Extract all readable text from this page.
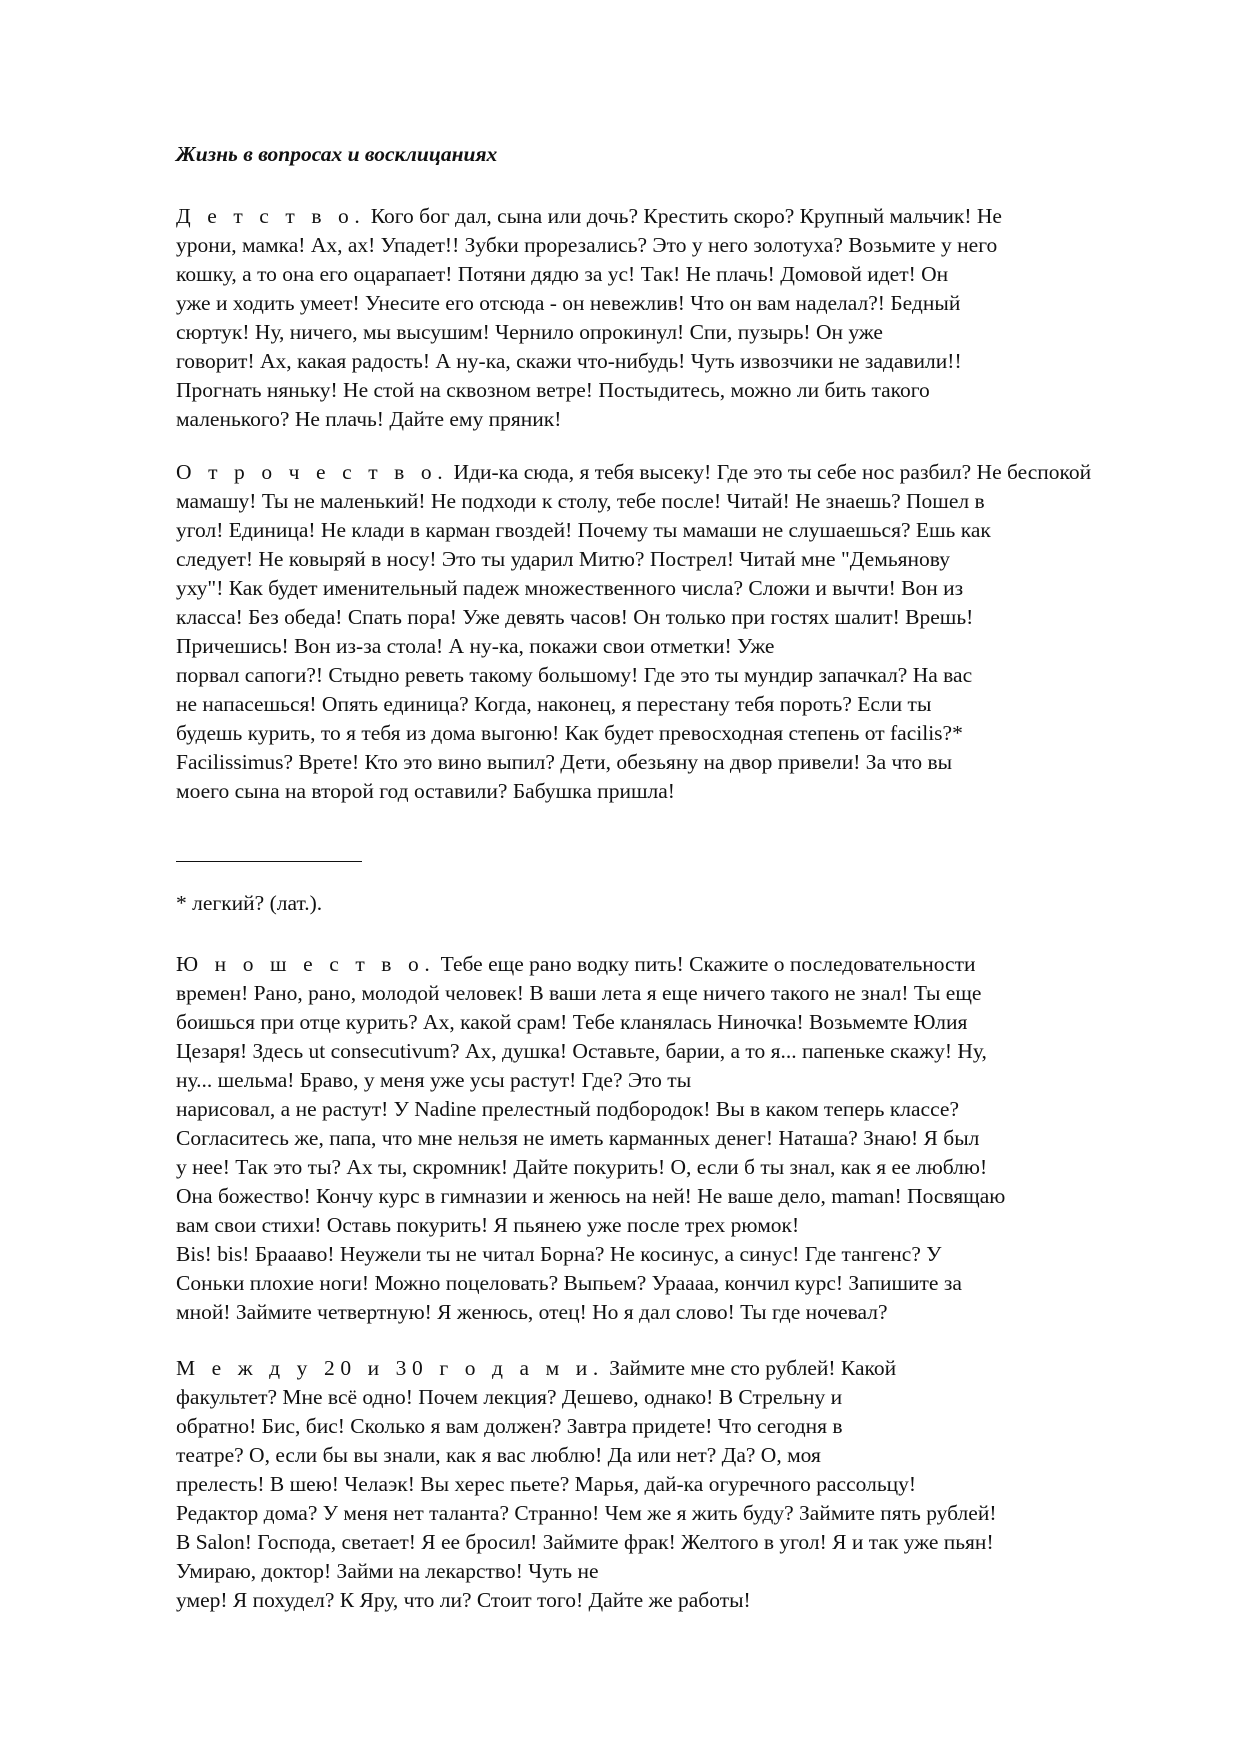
Жизнь в вопросах и восклицаниях
Д е т с т в о. Кого бог дал, сына или дочь? Крестить скоро? Крупный мальчик! Не
урони, мамка! Ах, ах! Упадет!! Зубки прорезались? Это у него золотуха? Возьмите у него
кошку, а то она его оцарапает! Потяни дядю за ус! Так! Не плачь! Домовой идет! Он
уже и ходить умеет! Унесите его отсюда - он невежлив! Что он вам наделал?! Бедный
сюртук! Ну, ничего, мы высушим! Чернило опрокинул! Спи, пузырь! Он уже
говорит! Ах, какая радость! А ну-ка, скажи что-нибудь! Чуть извозчики не задавили!!
Прогнать няньку! Не стой на сквозном ветре! Постыдитесь, можно ли бить такого
маленького? Не плачь! Дайте ему пряник!
О т р о ч е с т в о. Иди-ка сюда, я тебя высеку! Где это ты себе нос разбил? Не беспокой
мамашу! Ты не маленький! Не подходи к столу, тебе после! Читай! Не знаешь? Пошел в
угол! Единица! Не клади в карман гвоздей! Почему ты мамаши не слушаешься? Ешь как
следует! Не ковыряй в носу! Это ты ударил Митю? Пострел! Читай мне "Демьянову
уху"! Как будет именительный падеж множественного числа? Сложи и вычти! Вон из
класса! Без обеда! Спать пора! Уже девять часов! Он только при гостях шалит! Врешь!
Причешись! Вон из-за стола! А ну-ка, покажи свои отметки! Уже
порвал сапоги?! Стыдно реветь такому большому! Где это ты мундир запачкал? На вас
не напасешься! Опять единица? Когда, наконец, я перестану тебя пороть? Если ты
будешь курить, то я тебя из дома выгоню! Как будет превосходная степень от facilis?*
Facilissimus? Врете! Кто это вино выпил? Дети, обезьяну на двор привели! За что вы
моего сына на второй год оставили? Бабушка пришла!
* легкий? (лат.).
Ю н о ш е с т в о. Тебе еще рано водку пить! Скажите о последовательности
времен! Рано, рано, молодой человек! В ваши лета я еще ничего такого не знал! Ты еще
боишься при отце курить? Ах, какой срам! Тебе кланялась Ниночка! Возьмемте Юлия
Цезаря! Здесь ut consecutivum? Ах, душка! Оставьте, барии, а то я... папеньке скажу! Ну,
ну... шельма! Браво, у меня уже усы растут! Где? Это ты
нарисовал, а не растут! У Nadine прелестный подбородок! Вы в каком теперь классе?
Согласитесь же, папа, что мне нельзя не иметь карманных денег! Наташа? Знаю! Я был
у нее! Так это ты? Ах ты, скромник! Дайте покурить! О, если б ты знал, как я ее люблю!
Она божество! Кончу курс в гимназии и женюсь на ней! Не ваше дело, maman! Посвящаю
вам свои стихи! Оставь покурить! Я пьянею уже после трех рюмок!
Bis! bis! Браааво! Неужели ты не читал Борна? Не косинус, а синус! Где тангенс? У
Соньки плохие ноги! Можно поцеловать? Выпьем? Урaaaa, кончил курс! Запишите за
мной! Займите четвертную! Я женюсь, отец! Но я дал слово! Ты где ночевал?
М е ж д у 20 и 30 г о д а м и. Займите мне сто рублей! Какой
факультет? Мне всё одно! Почем лекция? Дешево, однако! В Стрельну и
обратно! Бис, бис! Сколько я вам должен? Завтра придете! Что сегодня в
театре? О, если бы вы знали, как я вас люблю! Да или нет? Да? О, моя
прелесть! В шею! Челаэк! Вы херес пьете? Марья, дай-ка огуречного рассольцу!
Редактор дома? У меня нет таланта? Странно! Чем же я жить буду? Займите пять рублей!
В Salon! Господа, светает! Я ее бросил! Займите фрак! Желтого в угол! Я и так уже пьян!
Умираю, доктор! Займи на лекарство! Чуть не
умер! Я похудел? К Яру, что ли? Стоит того! Дайте же работы!
